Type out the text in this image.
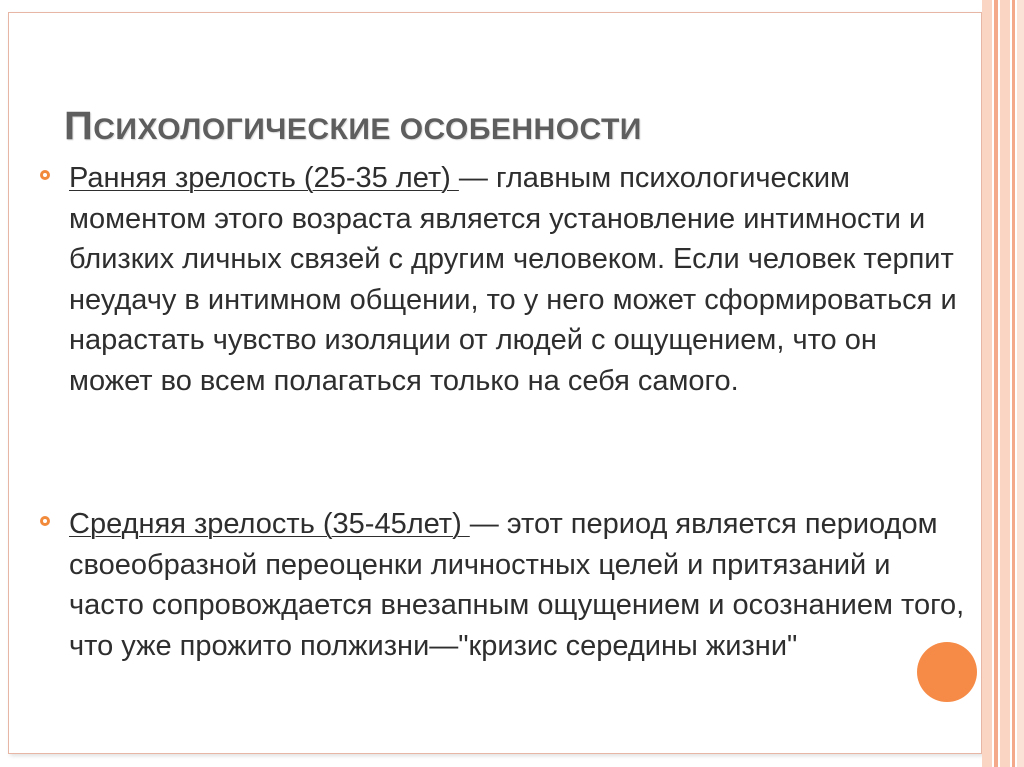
ПСИХОЛОГИЧЕСКИЕ ОСОБЕННОСТИ

Ранняя зрелость (25-35 лет) — главным психологическим моментом этого возраста является установление интимности и близких личных связей с другим человеком. Если человек терпит неудачу в интимном общении, то у него может сформироваться и нарастать чувство изоляции от людей с ощущением, что он может во всем полагаться только на себя самого.

Средняя зрелость (35-45лет) — этот период является периодом своеобразной переоценки личностных целей и притязаний и часто сопровождается внезапным ощущением и осознанием того, что уже прожито полжизни—"кризис середины жизни"
